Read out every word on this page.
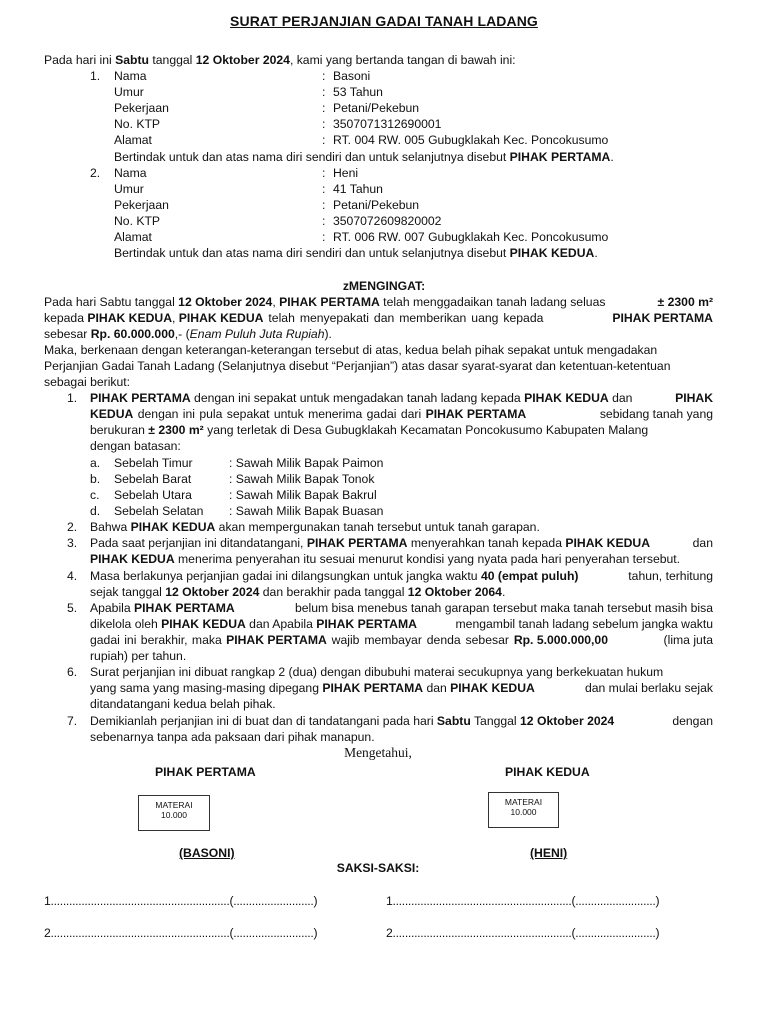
SURAT PERJANJIAN GADAI TANAH LADANG
Pada hari ini Sabtu tanggal 12 Oktober 2024, kami yang bertanda tangan di bawah ini:
1. Nama	: Basoni
Umur	: 53 Tahun
Pekerjaan	: Petani/Pekebun
No. KTP	: 3507071312690001
Alamat	: RT. 004 RW. 005 Gubugklakah Kec. Poncokusumo
Bertindak untuk dan atas nama diri sendiri dan untuk selanjutnya disebut PIHAK PERTAMA.
2. Nama	: Heni
Umur	: 41 Tahun
Pekerjaan	: Petani/Pekebun
No. KTP	: 3507072609820002
Alamat	: RT. 006 RW. 007 Gubugklakah Kec. Poncokusumo
Bertindak untuk dan atas nama diri sendiri dan untuk selanjutnya disebut PIHAK KEDUA.
zMENGINGAT:
Pada hari Sabtu tanggal 12 Oktober 2024, PIHAK PERTAMA telah menggadaikan tanah ladang seluas	± 2300 m²
kepada PIHAK KEDUA, PIHAK KEDUA telah menyepakati dan memberikan uang kepada	PIHAK PERTAMA
sebesar Rp. 60.000.000,- (Enam Puluh Juta Rupiah).
Maka, berkenaan dengan keterangan-keterangan tersebut di atas, kedua belah pihak sepakat untuk mengadakan
Perjanjian Gadai Tanah Ladang (Selanjutnya disebut “Perjanjian”) atas dasar syarat-syarat dan ketentuan-ketentuan
sebagai berikut:
1. PIHAK PERTAMA dengan ini sepakat untuk mengadakan tanah ladang kepada PIHAK KEDUA dan	PIHAK
KEDUA dengan ini pula sepakat untuk menerima gadai dari PIHAK PERTAMA	sebidang tanah yang
berukuran ± 2300 m² yang terletak di Desa Gubugklakah Kecamatan Poncokusumo Kabupaten Malang
dengan batasan:
a. Sebelah Timur	: Sawah Milik Bapak Paimon
b. Sebelah Barat	: Sawah Milik Bapak Tonok
c. Sebelah Utara	: Sawah Milik Bapak Bakrul
d. Sebelah Selatan : Sawah Milik Bapak Buasan
2. Bahwa PIHAK KEDUA akan mempergunakan tanah tersebut untuk tanah garapan.
3. Pada saat perjanjian ini ditandatangani, PIHAK PERTAMA menyerahkan tanah kepada PIHAK KEDUA	dan
PIHAK KEDUA menerima penyerahan itu sesuai menurut kondisi yang nyata pada hari penyerahan tersebut.
4. Masa berlakunya perjanjian gadai ini dilangsungkan untuk jangka waktu 40 (empat puluh)	tahun, terhitung
sejak tanggal 12 Oktober 2024 dan berakhir pada tanggal 12 Oktober 2064.
5. Apabila PIHAK PERTAMA	belum bisa menebus tanah garapan tersebut maka tanah tersebut masih bisa
dikelola oleh PIHAK KEDUA dan Apabila PIHAK PERTAMA	mengambil tanah ladang sebelum jangka waktu
gadai ini berakhir, maka PIHAK PERTAMA wajib membayar denda sebesar Rp. 5.000.000,00	(lima juta
rupiah) per tahun.
6. Surat perjanjian ini dibuat rangkap 2 (dua) dengan dibubuhi materai secukupnya yang berkekuatan hukum
yang sama yang masing-masing dipegang PIHAK PERTAMA dan PIHAK KEDUA	dan mulai berlaku sejak
ditandatangani kedua belah pihak.
7. Demikianlah perjanjian ini di buat dan di tandatangani pada hari Sabtu Tanggal 12 Oktober 2024	dengan
sebenarnya tanpa ada paksaan dari pihak manapun.
Mengetahui,
PIHAK PERTAMA	PIHAK KEDUA
MATERAI
10.000
MATERAI
10.000
(BASONI)	(HENI)
SAKSI-SAKSI:
1..........................................................(..........................)	1..........................................................(..........................)
2..........................................................(..........................)	2..........................................................(..........................)
